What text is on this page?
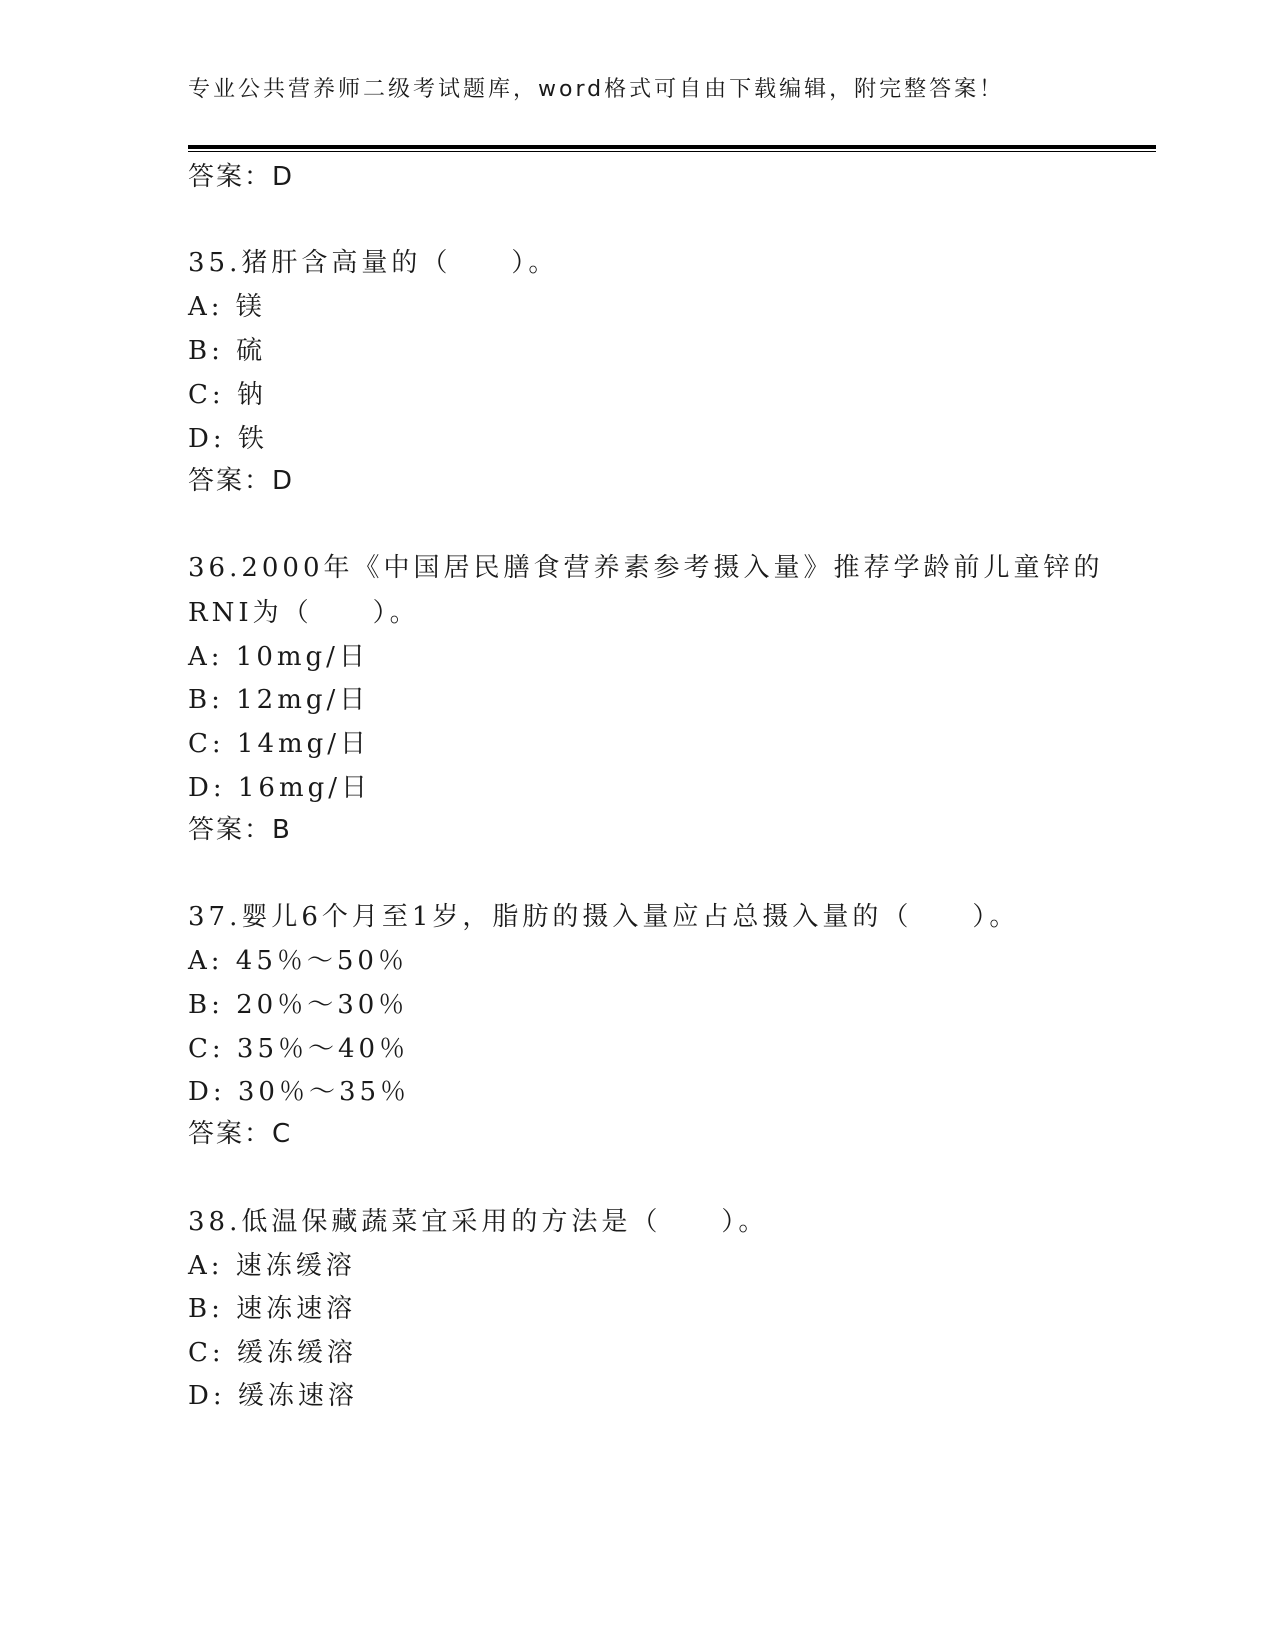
专业公共营养师二级考试题库，word格式可自由下载编辑，附完整答案！
答案：D
35.猪肝含高量的（　　）。
A: 镁
B: 硫
C: 钠
D: 铁
答案：D
36.2000年《中国居民膳食营养素参考摄入量》推荐学龄前儿童锌的
RNI为（　　）。
A: 10mg/日
B: 12mg/日
C: 14mg/日
D: 16mg/日
答案：B
37.婴儿6个月至1岁，脂肪的摄入量应占总摄入量的（　　）。
A: 45％～50％
B: 20％～30％
C: 35％～40％
D: 30％～35％
答案：C
38.低温保藏蔬菜宜采用的方法是（　　）。
A: 速冻缓溶
B: 速冻速溶
C: 缓冻缓溶
D: 缓冻速溶
